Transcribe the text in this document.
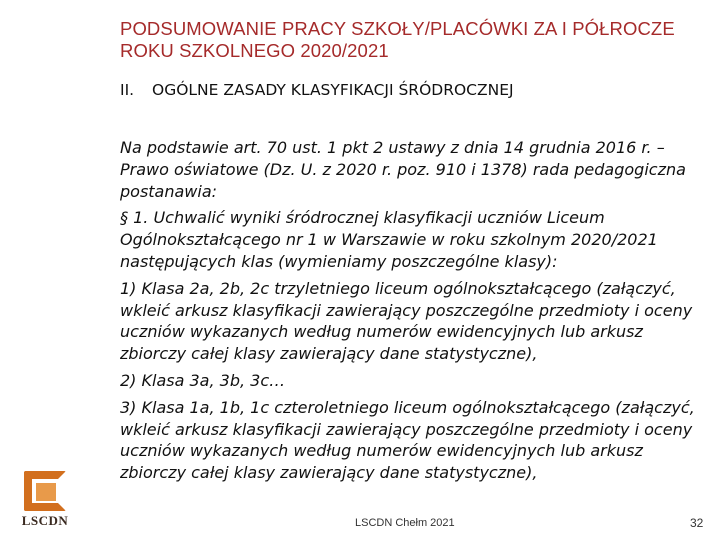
PODSUMOWANIE PRACY SZKOŁY/PLACÓWKI ZA I PÓŁROCZE ROKU SZKOLNEGO 2020/2021
II.	OGÓLNE ZASADY KLASYFIKACJI ŚRÓDROCZNEJ

Na podstawie art. 70 ust. 1 pkt 2 ustawy z dnia 14 grudnia 2016 r. – Prawo oświatowe (Dz. U. z 2020 r. poz. 910 i 1378) rada pedagogiczna postanawia:

§ 1. Uchwalić wyniki śródrocznej klasyfikacji uczniów Liceum Ogólnokształcącego nr 1 w Warszawie w roku szkolnym 2020/2021 następujących klas (wymieniamy poszczególne klasy):

1) Klasa 2a, 2b, 2c trzyletniego liceum ogólnokształcącego (załączyć, wkleić arkusz klasyfikacji zawierający poszczególne przedmioty i oceny uczniów wykazanych według numerów ewidencyjnych lub arkusz zbiorczy całej klasy zawierający dane statystyczne),

2) Klasa 3a, 3b, 3c…

3) Klasa 1a, 1b, 1c czteroletniego liceum ogólnokształcącego (załączyć, wkleić arkusz klasyfikacji zawierający poszczególne przedmioty i oceny uczniów wykazanych według numerów ewidencyjnych lub arkusz zbiorczy całej klasy zawierający dane statystyczne),

LSCDN	LSCDN Chełm 2021	32
